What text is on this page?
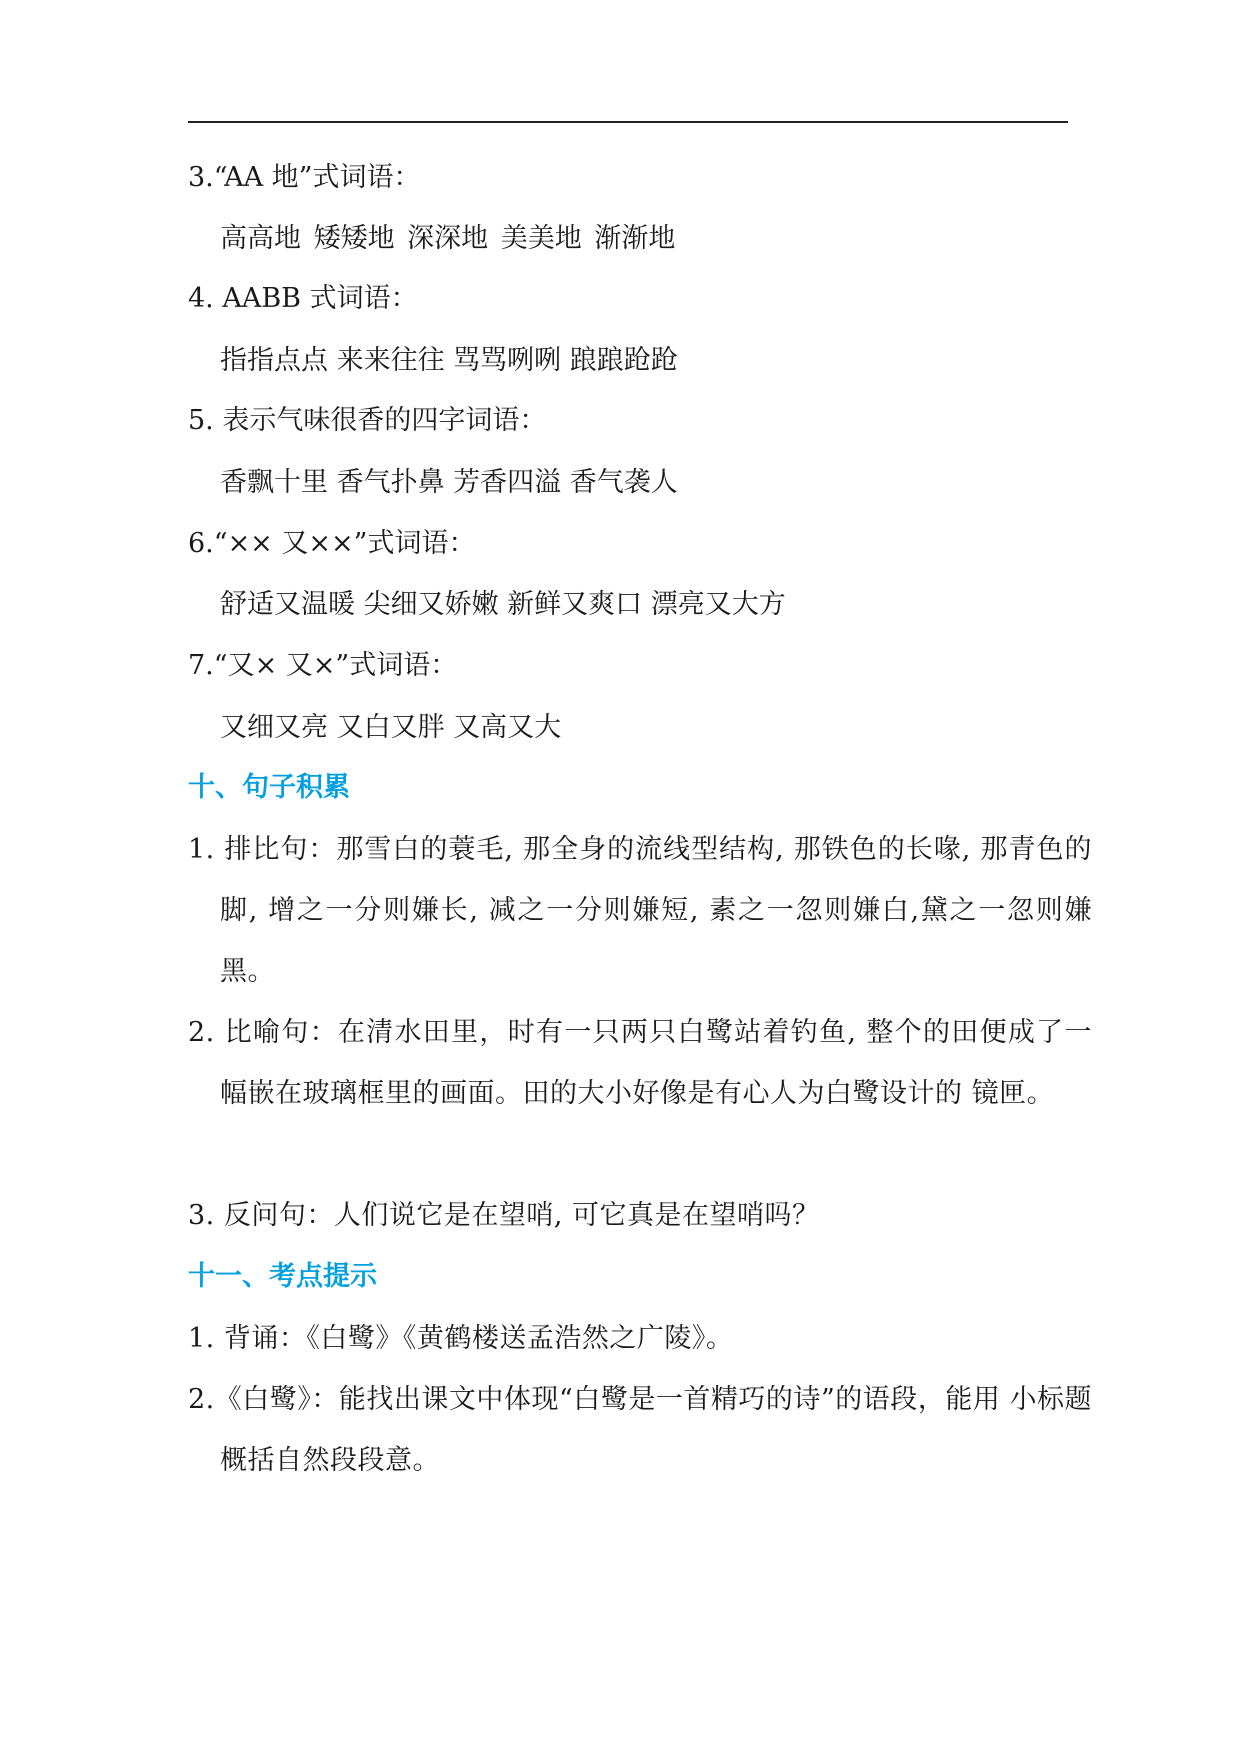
3.“AA 地”式词语：
高高地 矮矮地 深深地 美美地 渐渐地
4. AABB 式词语：
指指点点 来来往往 骂骂咧咧 踉踉跄跄
5. 表示气味很香的四字词语：
香飘十里 香气扑鼻 芳香四溢 香气袭人
6.“×× 又××”式词语：
舒适又温暖 尖细又娇嫩 新鲜又爽口 漂亮又大方
7.“又× 又×”式词语：
又细又亮 又白又胖 又高又大
十、句子积累
1. 排比句：那雪白的蓑毛, 那全身的流线型结构, 那铁色的长喙, 那青色的脚, 增之一分则嫌长, 减之一分则嫌短, 素之一忽则嫌白,黛之一忽则嫌黑。
2. 比喻句：在清水田里，时有一只两只白鹭站着钓鱼, 整个的田便成了一幅嵌在玻璃框里的画面。田的大小好像是有心人为白鹭设计的 镜匣。
3. 反问句：人们说它是在望哨, 可它真是在望哨吗？
十一、考点提示
1. 背诵：《白鹭》《黄鹤楼送孟浩然之广陵》。
2.《白鹭》：能找出课文中体现“白鹭是一首精巧的诗”的语段，能用 小标题概括自然段段意。
